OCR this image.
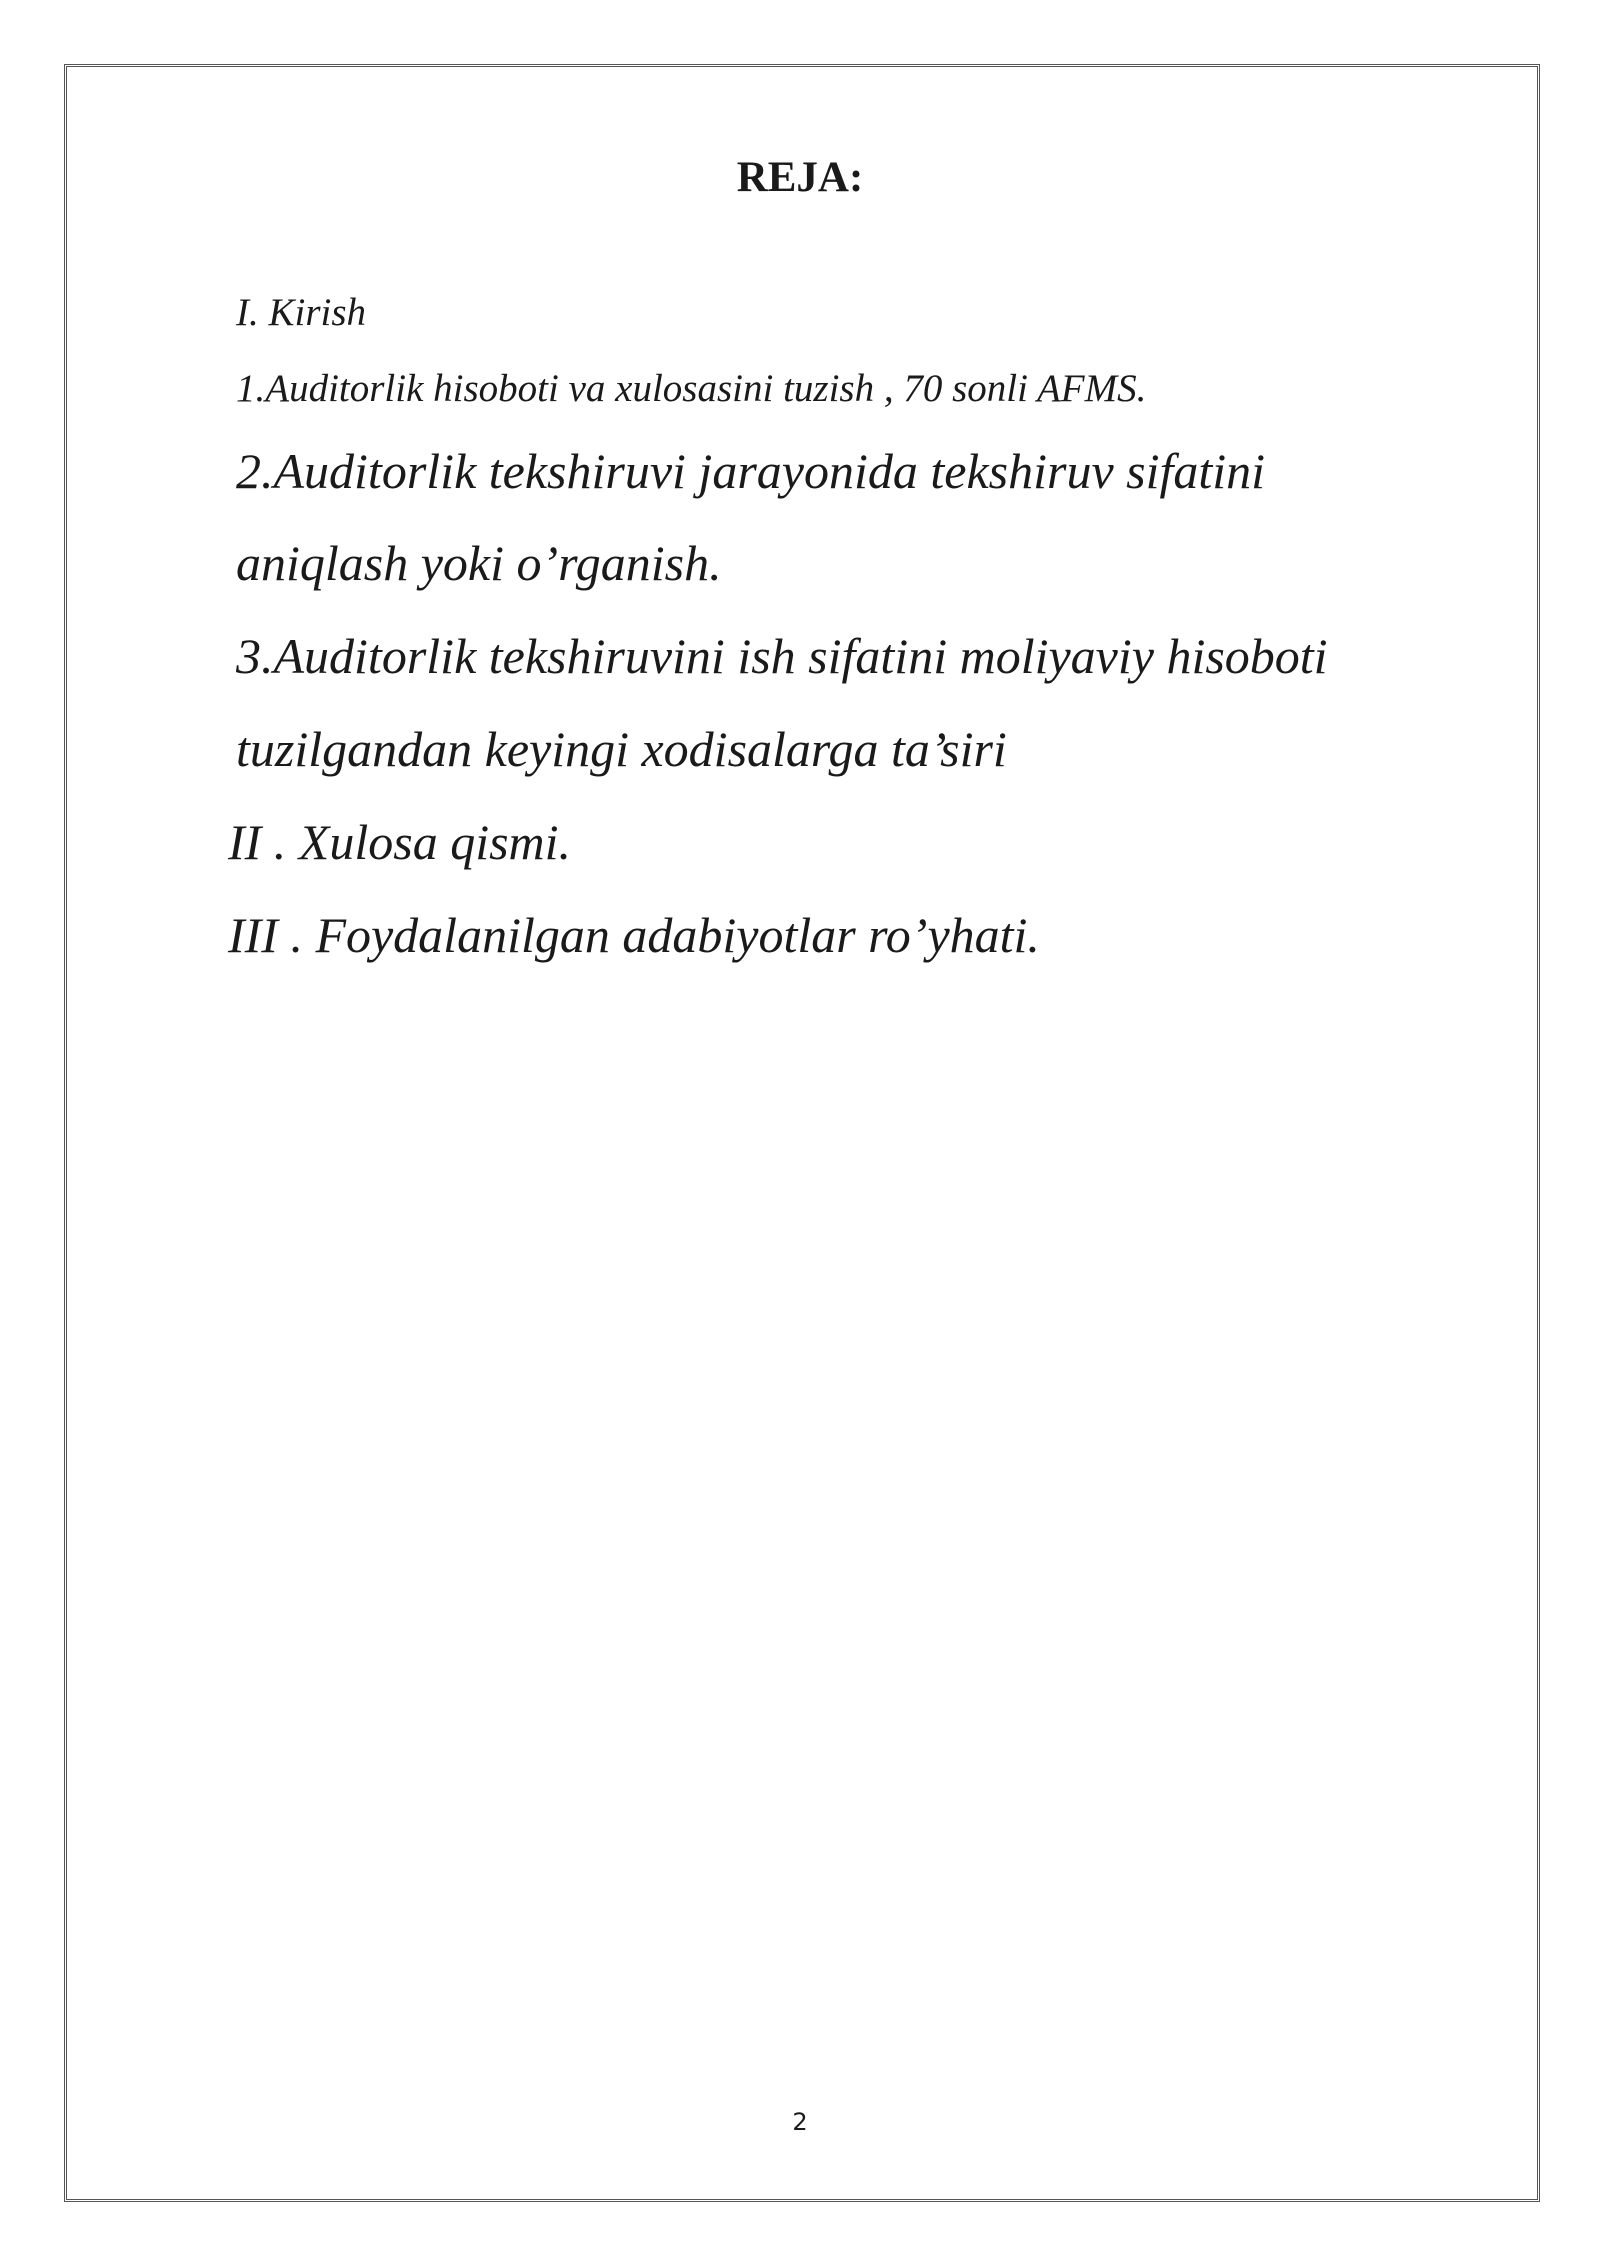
REJA:
I. Kirish
1.Auditorlik hisoboti va xulosasini tuzish , 70 sonli AFMS.
2.Auditorlik tekshiruvi jarayonida tekshiruv sifatini
aniqlash yoki o’rganish.
3.Auditorlik tekshiruvini ish sifatini moliyaviy hisoboti
tuzilgandan keyingi xodisalarga ta’siri
II . Xulosa qismi.
III . Foydalanilgan adabiyotlar ro’yhati.
2
